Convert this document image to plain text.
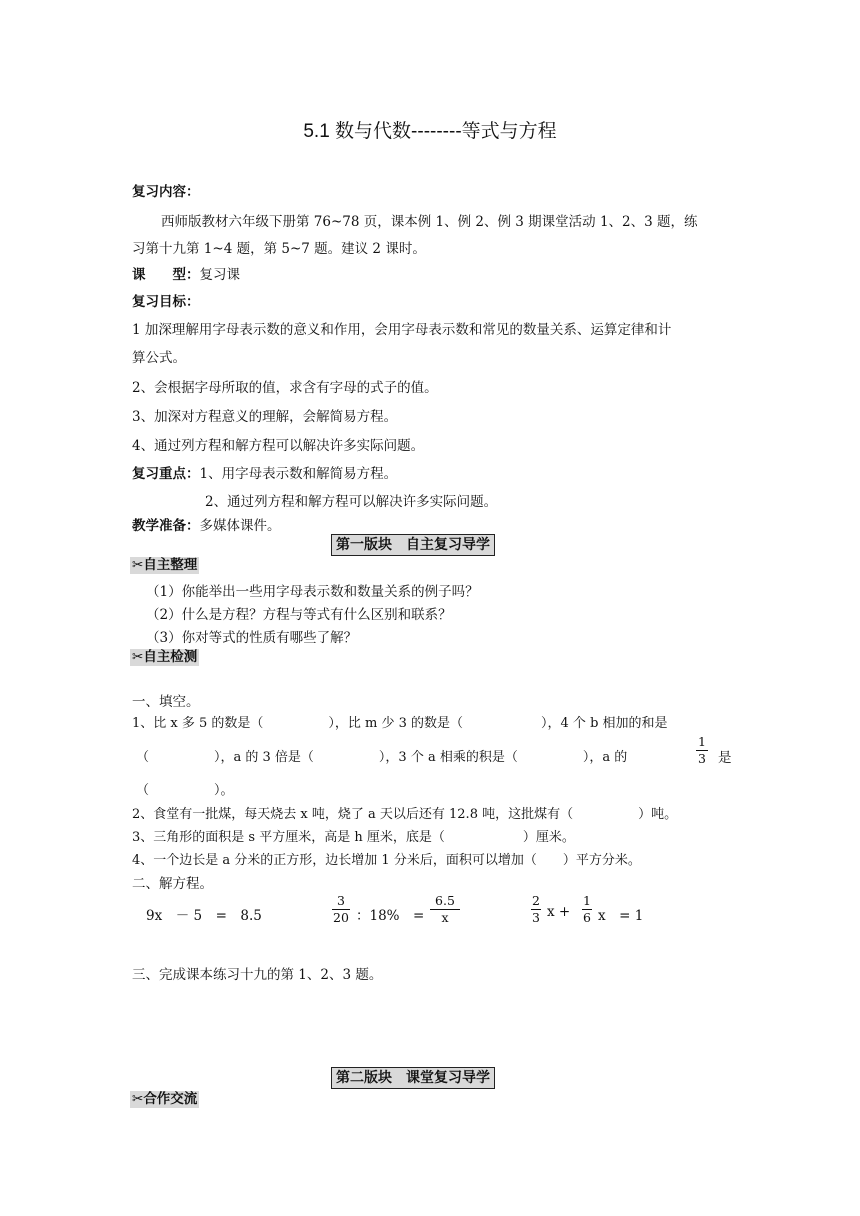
5.1 数与代数--------等式与方程
复习内容：
西师版教材六年级下册第 76~78 页，课本例 1、例 2、例 3 期课堂活动 1、2、3 题，练
习第十九第 1~4 题，第 5~7 题。建议 2 课时。
课　　型：复习课
复习目标：
1 加深理解用字母表示数的意义和作用，会用字母表示数和常见的数量关系、运算定律和计
算公式。
2、会根据字母所取的值，求含有字母的式子的值。
3、加深对方程意义的理解，会解简易方程。
4、通过列方程和解方程可以解决许多实际问题。
复习重点：1、用字母表示数和解简易方程。
2、通过列方程和解方程可以解决许多实际问题。
教学准备：多媒体课件。
第一版块　自主复习导学
✂自主整理
（1）你能举出一些用字母表示数和数量关系的例子吗？
（2）什么是方程？方程与等式有什么区别和联系？
（3）你对等式的性质有哪些了解？
✂自主检测
一、填空。
1、比 x 多 5 的数是（　　　　　），比 m 少 3 的数是（　　　　　　），4 个 b 相加的和是
（　　　　　），a 的 3 倍是（　　　　　），3 个 a 相乘的积是（　　　　　），a 的
1
3 是
（　　　　　）。
2、食堂有一批煤，每天烧去 x 吨，烧了 a 天以后还有 12.8 吨，这批煤有（　　　　　）吨。
3、三角形的面积是 s 平方厘米，高是 h 厘米，底是（　　　　　　）厘米。
4、一个边长是 a 分米的正方形，边长增加 1 分米后，面积可以增加（　　）平方分米。
二、解方程。
9x　－ 5　=　8.5
3
20 ：18%　=
6.5
x
2
3 x +
1
6 x　= 1
三、完成课本练习十九的第 1、2、3 题。
第二版块　课堂复习导学
✂合作交流
